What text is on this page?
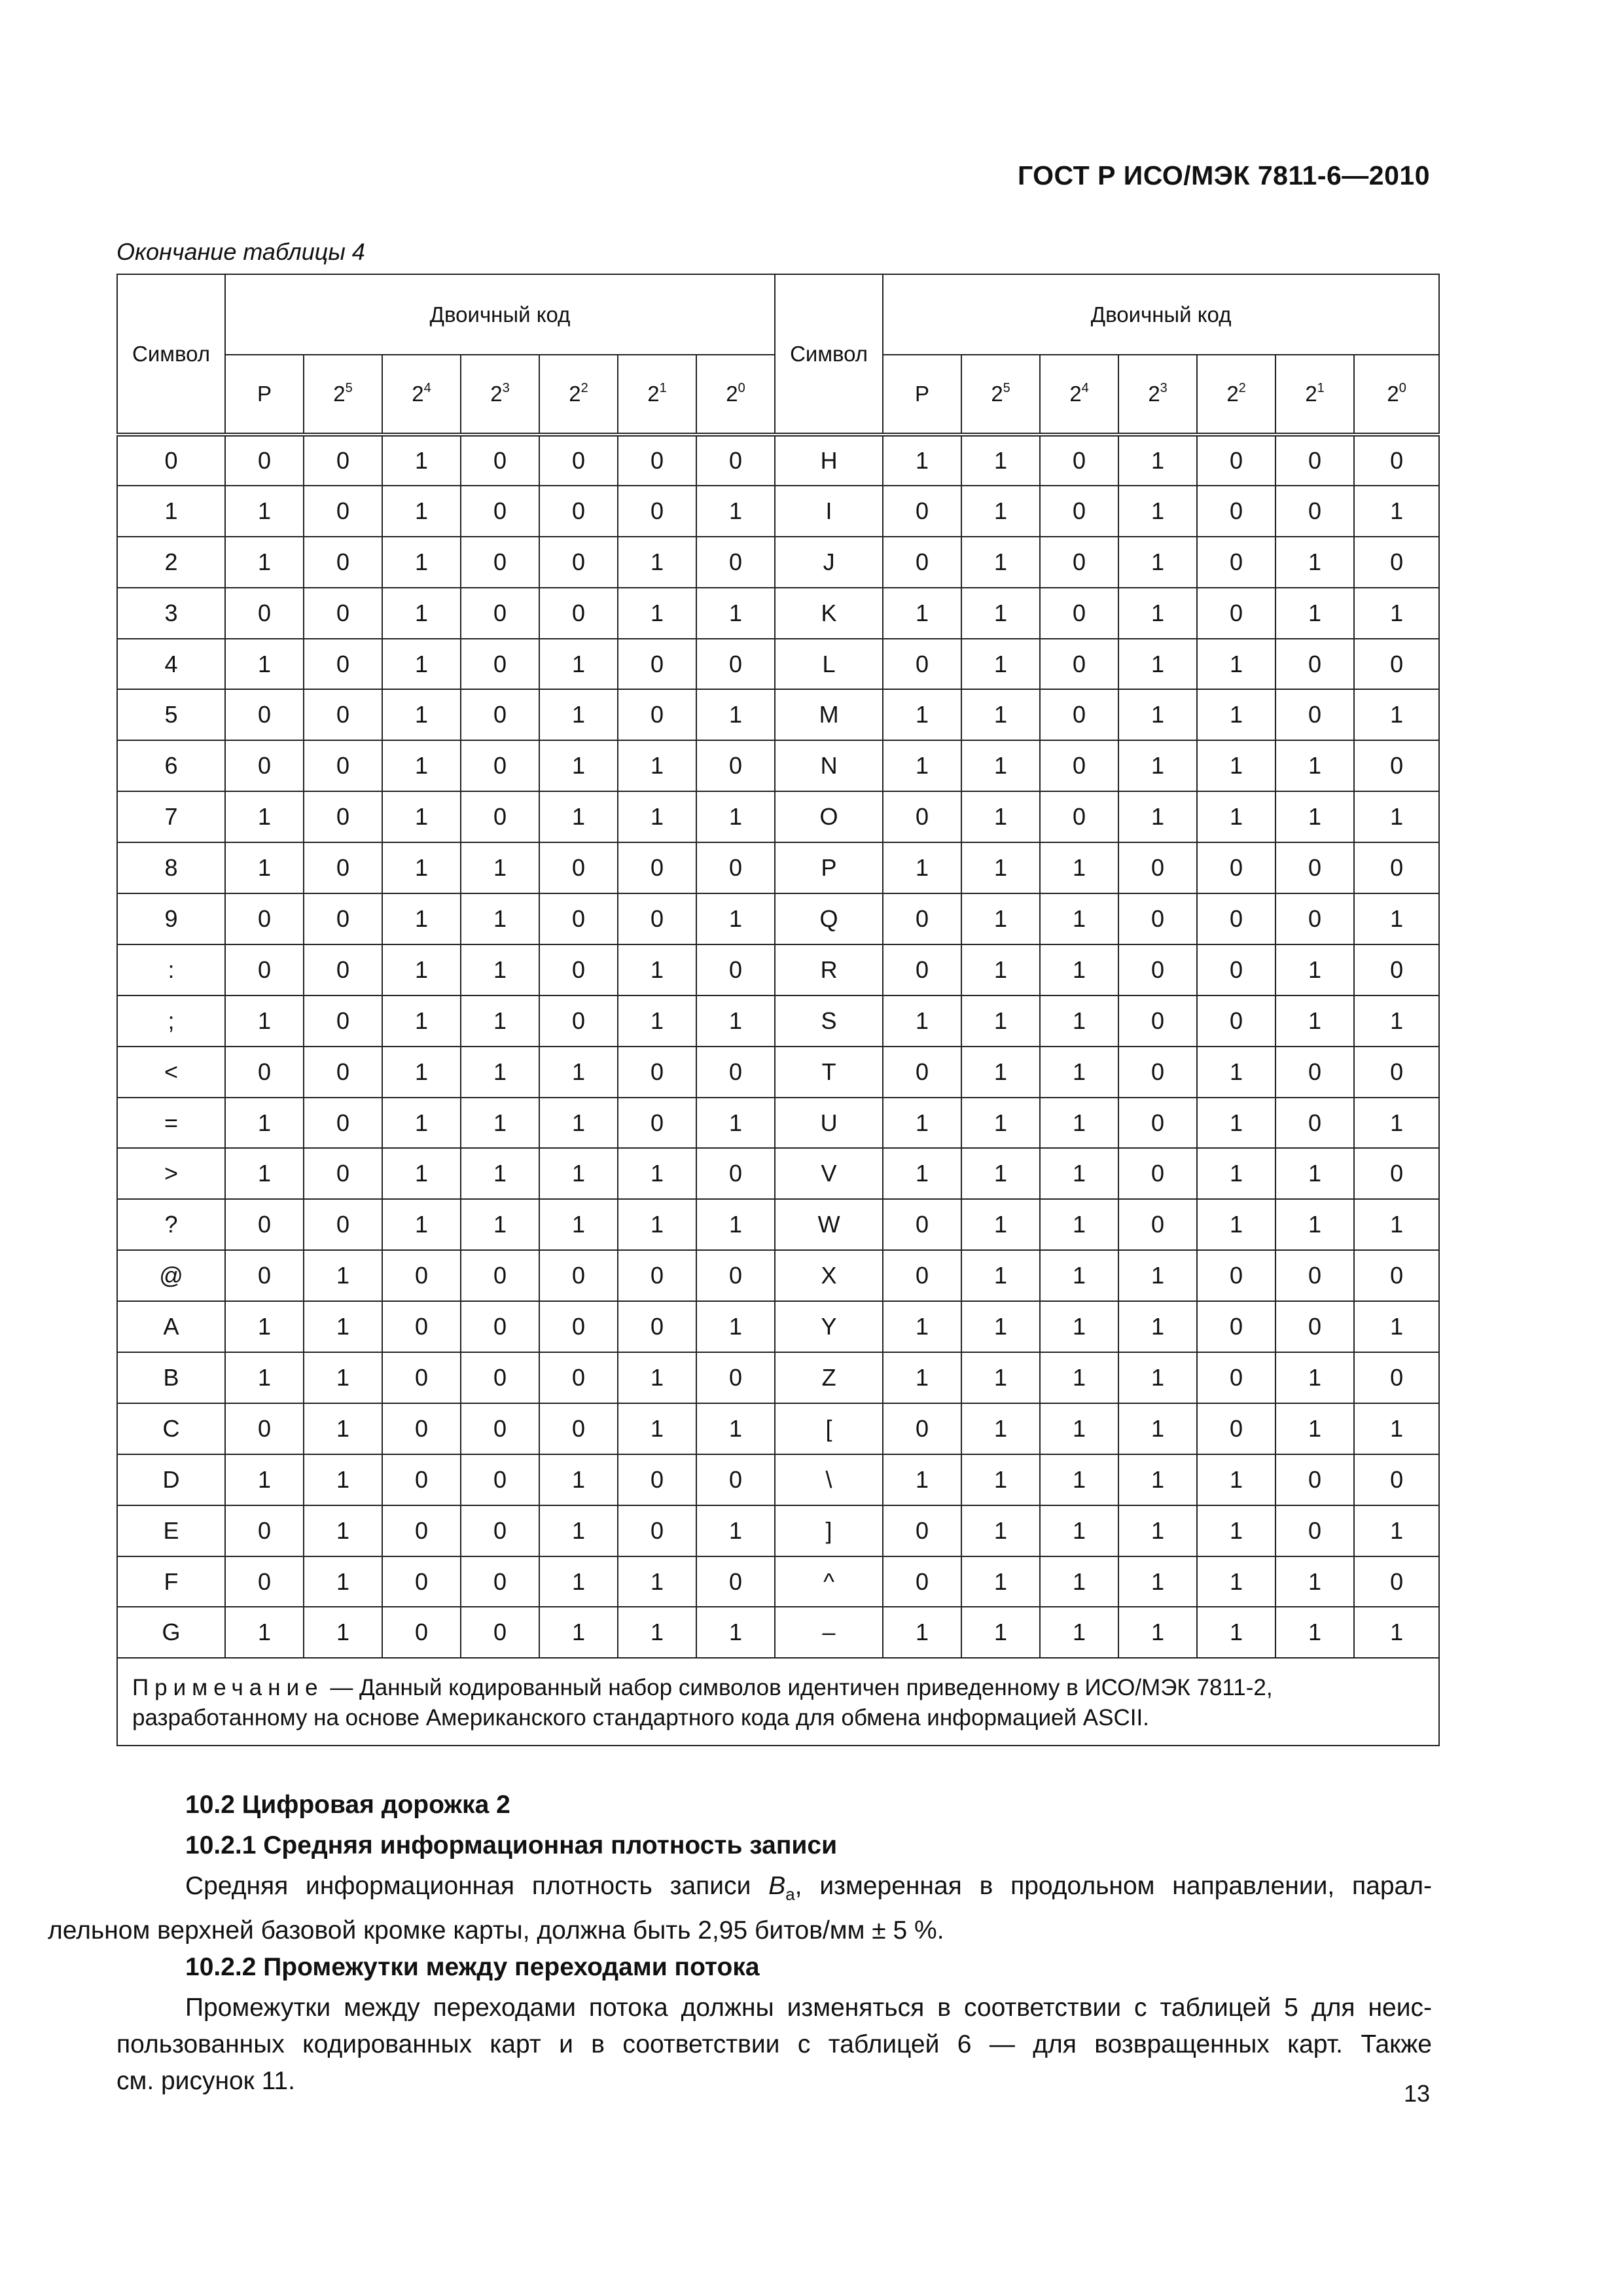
ГОСТ Р ИСО/МЭК 7811-6—2010
Окончание таблицы 4
Символ	Двоичный код							Символ	Двоичный код						
	P	$2^5$	$2^4$	$2^3$	$2^2$	$2^1$	$2^0$		P	$2^5$	$2^4$	$2^3$	$2^2$	$2^1$	$2^0$
0	0	0	1	0	0	0	0	H	1	1	0	1	0	0	0
1	1	0	1	0	0	0	1	I	0	1	0	1	0	0	1
2	1	0	1	0	0	1	0	J	0	1	0	1	0	1	0
3	0	0	1	0	0	1	1	K	1	1	0	1	0	1	1
4	1	0	1	0	1	0	0	L	0	1	0	1	1	0	0
5	0	0	1	0	1	0	1	M	1	1	0	1	1	0	1
6	0	0	1	0	1	1	0	N	1	1	0	1	1	1	0
7	1	0	1	0	1	1	1	O	0	1	0	1	1	1	1
8	1	0	1	1	0	0	0	P	1	1	1	0	0	0	0
9	0	0	1	1	0	0	1	Q	0	1	1	0	0	0	1
:	0	0	1	1	0	1	0	R	0	1	1	0	0	1	0
;	1	0	1	1	0	1	1	S	1	1	1	0	0	1	1
<	0	0	1	1	1	0	0	T	0	1	1	0	1	0	0
=	1	0	1	1	1	0	1	U	1	1	1	0	1	0	1
>	1	0	1	1	1	1	0	V	1	1	1	0	1	1	0
?	0	0	1	1	1	1	1	W	0	1	1	0	1	1	1
@	0	1	0	0	0	0	0	X	0	1	1	1	0	0	0
A	1	1	0	0	0	0	1	Y	1	1	1	1	0	0	1
B	1	1	0	0	0	1	0	Z	1	1	1	1	0	1	0
C	0	1	0	0	0	1	1	[	0	1	1	1	0	1	1
D	1	1	0	0	1	0	0	\	1	1	1	1	1	0	0
E	0	1	0	0	1	0	1	]	0	1	1	1	1	0	1
F	0	1	0	0	1	1	0	^	0	1	1	1	1	1	0
G	1	1	0	0	1	1	1	–	1	1	1	1	1	1	1
Примечание — Данный кодированный набор символов идентичен приведенному в ИСО/МЭК 7811-2, разработанному на основе Американского стандартного кода для обмена информацией ASCII.															
10.2 Цифровая дорожка 2
10.2.1 Средняя информационная плотность записи
Средняя информационная плотность записи $B_a$, измеренная в продольном направлении, парал-
лельном верхней базовой кромке карты, должна быть 2,95 битов/мм ± 5 %.
10.2.2 Промежутки между переходами потока
Промежутки между переходами потока должны изменяться в соответствии с таблицей 5 для неис-
пользованных кодированных карт и в соответствии с таблицей 6 — для возвращенных карт. Также
см. рисунок 11.	13
